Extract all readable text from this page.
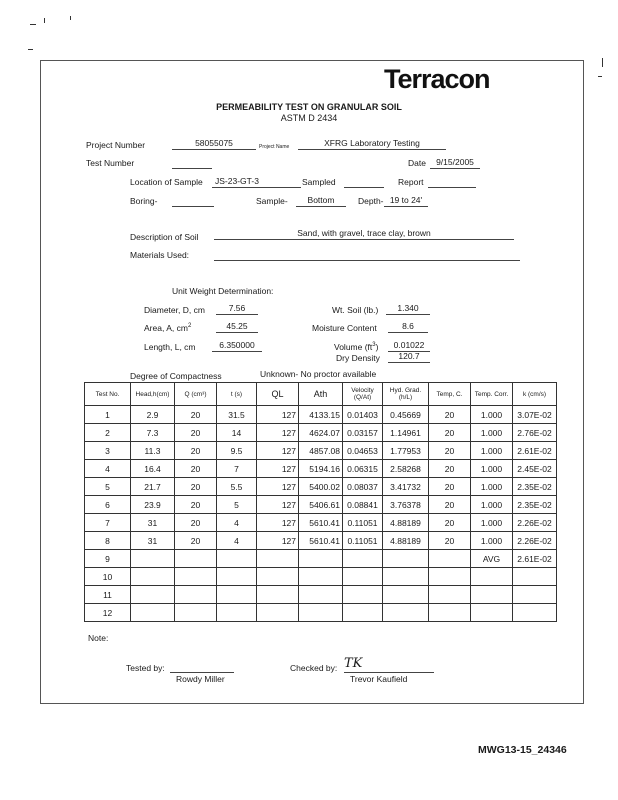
Terracon
PERMEABILITY TEST ON GRANULAR SOIL
ASTM D 2434
Project Number	58055075	Project Name	XFRG Laboratory Testing
Test Number	Date	9/15/2005
Location of Sample	JS-23-GT-3	Sampled	Report
Boring-	Sample-	Bottom	Depth- 19 to 24'
Description of Soil	Sand, with gravel, trace clay, brown
Materials Used:
Unit Weight Determination:
Diameter, D, cm	7.56
Area, A, $cm^2$	45.25
Length, L, cm	6.350000
Wt. Soil (lb.)	1.340
Moisture Content	8.6
Volume $(ft^3)$	0.01022
Dry Density	120.7
Degree of Compactness	Unknown- No proctor available
Test No.	Head,h(cm)	Q (cm³)	t (s)	QL	Ath	Velocity (Q/At)	Hyd. Grad. (h/L)	Temp, C.	Temp. Corr.	k (cm/s)
1	2.9	20	31.5	127	4133.15	0.01403	0.45669	20	1.000	3.07E-02
2	7.3	20	14	127	4624.07	0.03157	1.14961	20	1.000	2.76E-02
3	11.3	20	9.5	127	4857.08	0.04653	1.77953	20	1.000	2.61E-02
4	16.4	20	7	127	5194.16	0.06315	2.58268	20	1.000	2.45E-02
5	21.7	20	5.5	127	5400.02	0.08037	3.41732	20	1.000	2.35E-02
6	23.9	20	5	127	5406.61	0.08841	3.76378	20	1.000	2.35E-02
7	31	20	4	127	5610.41	0.11051	4.88189	20	1.000	2.26E-02
8	31	20	4	127	5610.41	0.11051	4.88189	20	1.000	2.26E-02
9									AVG	2.61E-02
10										
11										
12										
Note:
Tested by:
Rowdy Miller
Checked by: TK
Trevor Kaufield
MWG13-15_24346
